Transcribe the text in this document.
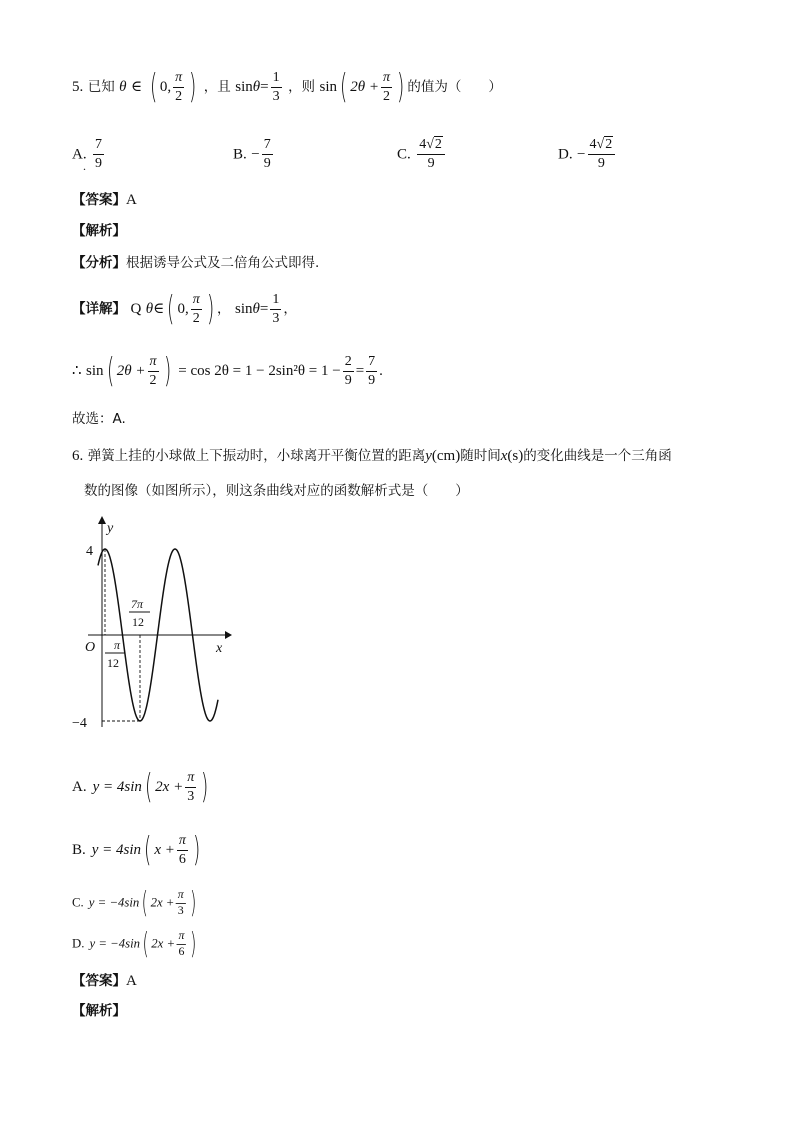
5. 已知 θ ∈ ( 0, $\frac{\pi}{2}$ ) ，且 $\sin\theta= \frac{1}{3}$ ，则 sin( $2\theta + \frac{\pi}{2}$ ) 的值为（　　）
A. $\frac{7}{9}$
.
B. − $\frac{7}{9}$	C. $\frac{4√2}{9}$	D. − $\frac{4√2}{9}$
【答案】A
【解析】
【分析】根据诱导公式及二倍角公式即得.
【详解】 Q θ∈( 0, $\frac{\pi}{2}$ ) ， $\sin\theta= \frac{1}{3}$ ，
∴ sin( $2\theta + \frac{\pi}{2}$ ) = $\cos 2\theta = 1 - 2\sin^2\theta = 1 - \frac{2}{9} = \frac{7}{9}$ .
故选：A.
6. 弹簧上挂的小球做上下振动时，小球离开平衡位置的距离y(cm)随时间x(s)的变化曲线是一个三角函
数的图像（如图所示），则这条曲线对应的函数解析式是（　　）
y
x
O
4
−4
π
12
7π
12
A. y = 4sin( $2x + \frac{\pi}{3}$ )
B. y = 4sin( $x + \frac{\pi}{6}$ )
C. y = −4sin( $2x + \frac{\pi}{3}$ )
D. y = −4sin( $2x + \frac{\pi}{6}$ )
【答案】A
【解析】
